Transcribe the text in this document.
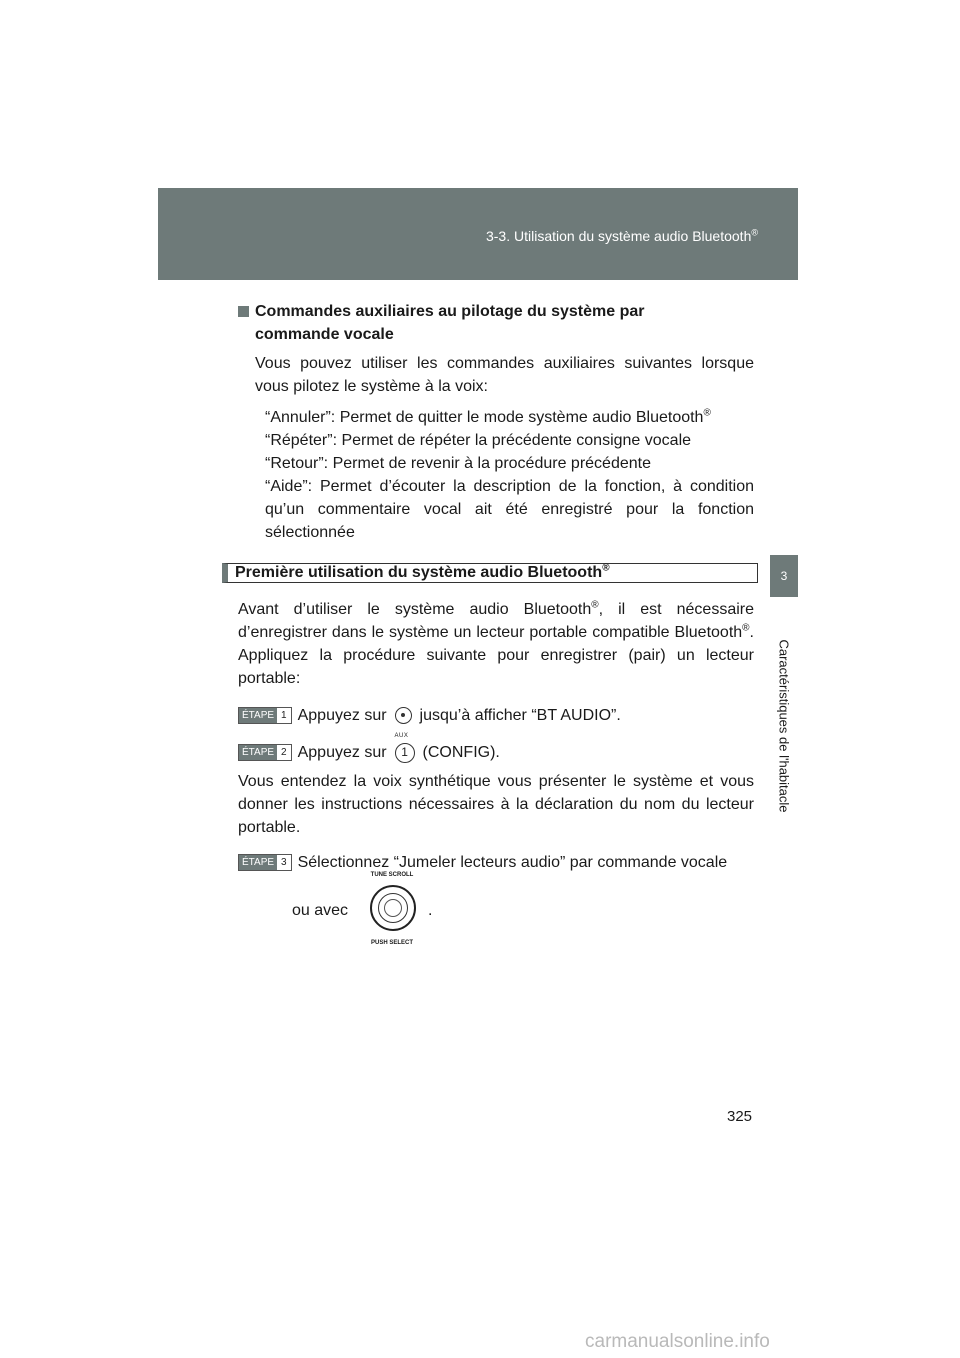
3-3. Utilisation du système audio Bluetooth®
3
Caractéristiques de l'habitacle
Commandes auxiliaires au pilotage du système par
commande vocale
Vous pouvez utiliser les commandes auxiliaires suivantes lorsque vous pilotez le système à la voix:
“Annuler”: Permet de quitter le mode système audio Bluetooth®
“Répéter”: Permet de répéter la précédente consigne vocale
“Retour”: Permet de revenir à la procédure précédente
“Aide”: Permet d’écouter la description de la fonction, à condition qu’un commentaire vocal ait été enregistré pour la fonction sélectionnée
Première utilisation du système audio Bluetooth®
Avant d’utiliser le système audio Bluetooth®, il est nécessaire d’enregistrer dans le système un lecteur portable compatible Bluetooth®. Appliquez la procédure suivante pour enregistrer (pair) un lecteur portable:
ÉTAPE 1 Appuyez sur
AUX
jusqu’à afficher “BT AUDIO”.
ÉTAPE 2 Appuyez sur	1 (CONFIG).
Vous entendez la voix synthétique vous présenter le système et vous donner les instructions nécessaires à la déclaration du nom du lecteur portable.
ÉTAPE 3 Sélectionnez “Jumeler lecteurs audio” par commande vocale
ou avec
TUNE SCROLL
PUSH SELECT
.
325
carmanualsonline.info
